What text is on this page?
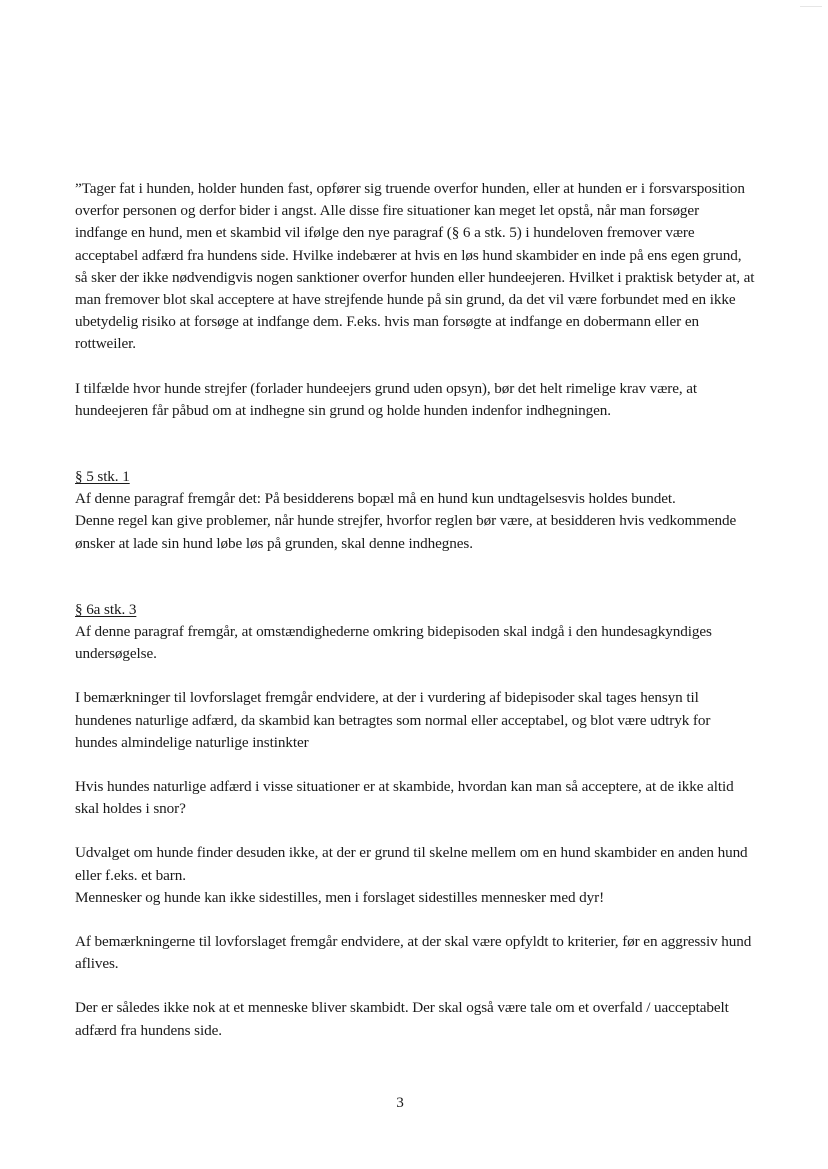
”Tager fat i hunden, holder hunden fast, opfører sig truende overfor hunden, eller at hunden er i forsvarsposition overfor personen og derfor bider i angst. Alle disse fire situationer kan meget let opstå, når man forsøger indfange en hund, men et skambid vil ifølge den nye paragraf (§ 6 a stk. 5) i hundeloven fremover være acceptabel adfærd fra hundens side. Hvilke indebærer at hvis en løs hund skambider en inde på ens egen grund, så sker der ikke nødvendigvis nogen sanktioner overfor hunden eller hundeejeren. Hvilket i praktisk betyder at, at man fremover blot skal acceptere at have strejfende hunde på sin grund, da det vil være forbundet med en ikke ubetydelig risiko at forsøge at indfange dem. F.eks. hvis man forsøgte at indfange en dobermann eller en rottweiler.

I tilfælde hvor hunde strejfer (forlader hundeejers grund uden opsyn), bør det helt rimelige krav være, at hundeejeren får påbud om at indhegne sin grund og holde hunden indenfor indhegningen.

§ 5 stk. 1
Af denne paragraf fremgår det: På besidderens bopæl må en hund kun undtagelsesvis holdes bundet.

Denne regel kan give problemer, når hunde strejfer, hvorfor reglen bør være, at besidderen hvis vedkommende ønsker at lade sin hund løbe løs på grunden, skal denne indhegnes.

§ 6a stk. 3
Af denne paragraf fremgår, at omstændighederne omkring bidepisoden skal indgå i den hundesagkyndiges undersøgelse.

I bemærkninger til lovforslaget fremgår endvidere, at der i vurdering af bidepisoder skal tages hensyn til hundenes naturlige adfærd, da skambid kan betragtes som normal eller acceptabel, og blot være udtryk for hundes almindelige naturlige instinkter

Hvis hundes naturlige adfærd i visse situationer er at skambide, hvordan kan man så acceptere, at de ikke altid skal holdes i snor?

Udvalget om hunde finder desuden ikke, at der er grund til skelne mellem om en hund skambider en anden hund eller f.eks. et barn.

Mennesker og hunde kan ikke sidestilles, men i forslaget sidestilles mennesker med dyr!

Af bemærkningerne til lovforslaget fremgår endvidere, at der skal være opfyldt to kriterier, før en aggressiv hund aflives.

Der er således ikke nok at et menneske bliver skambidt. Der skal også være tale om et overfald / uacceptabelt adfærd fra hundens side.

3
